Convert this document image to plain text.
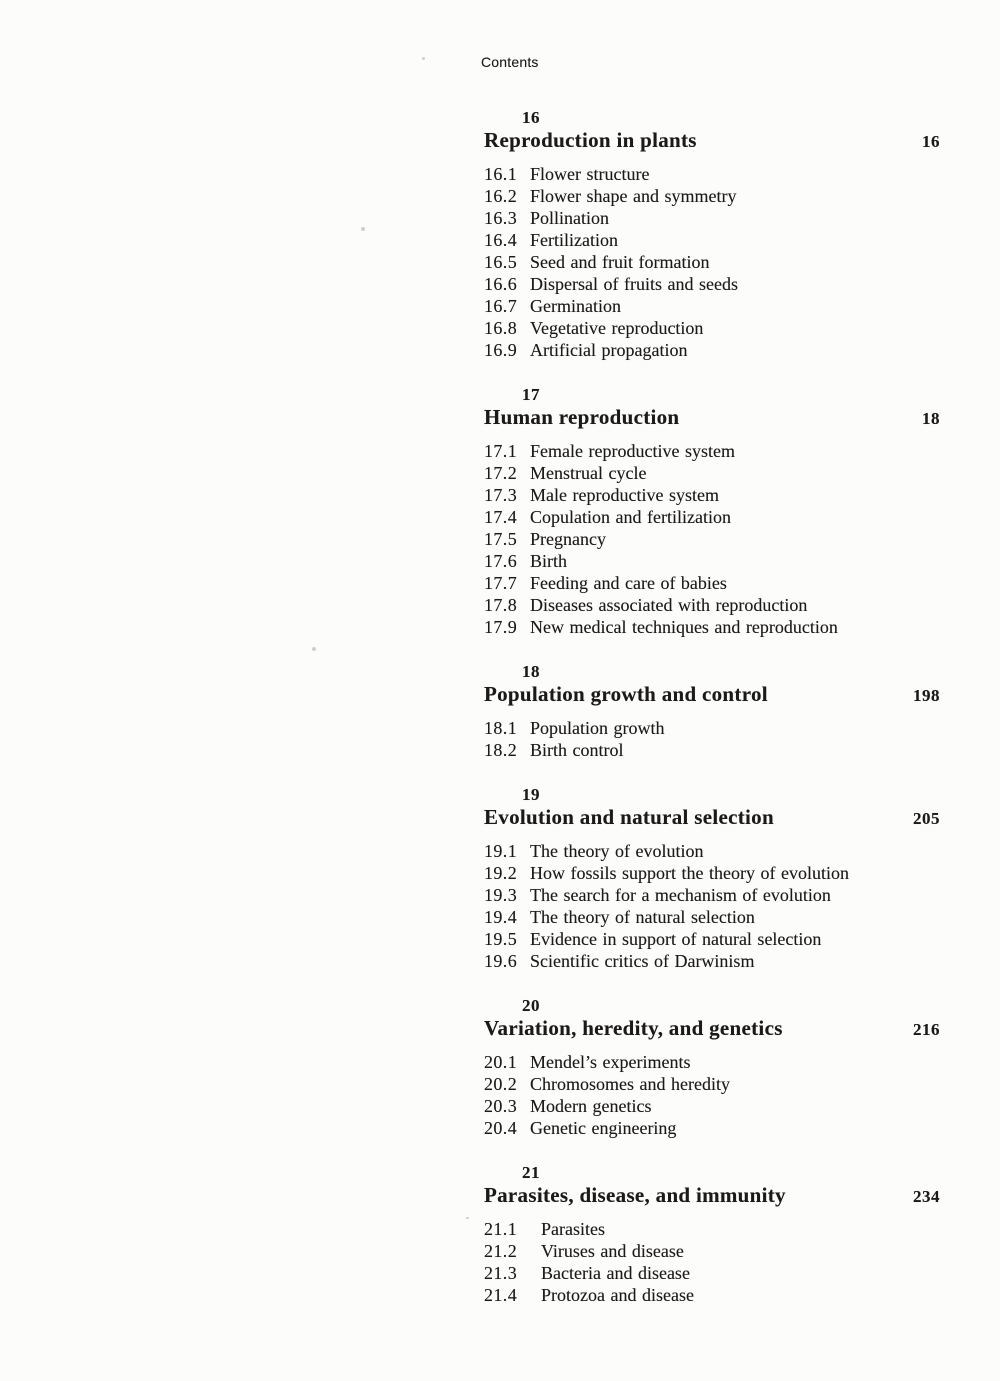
Contents
16
Reproduction in plants	16
16.1 Flower structure
16.2 Flower shape and symmetry
16.3 Pollination
16.4 Fertilization
16.5 Seed and fruit formation
16.6 Dispersal of fruits and seeds
16.7 Germination
16.8 Vegetative reproduction
16.9 Artificial propagation
17
Human reproduction	18
17.1 Female reproductive system
17.2 Menstrual cycle
17.3 Male reproductive system
17.4 Copulation and fertilization
17.5 Pregnancy
17.6 Birth
17.7 Feeding and care of babies
17.8 Diseases associated with reproduction
17.9 New medical techniques and reproduction
18
Population growth and control	198
18.1 Population growth
18.2 Birth control
19
Evolution and natural selection	205
19.1 The theory of evolution
19.2 How fossils support the theory of evolution
19.3 The search for a mechanism of evolution
19.4 The theory of natural selection
19.5 Evidence in support of natural selection
19.6 Scientific critics of Darwinism
20
Variation, heredity, and genetics	216
20.1 Mendel’s experiments
20.2 Chromosomes and heredity
20.3 Modern genetics
20.4 Genetic engineering
21
Parasites, disease, and immunity	234
21.1	Parasites
21.2	Viruses and disease
21.3	Bacteria and disease
21.4	Protozoa and disease
